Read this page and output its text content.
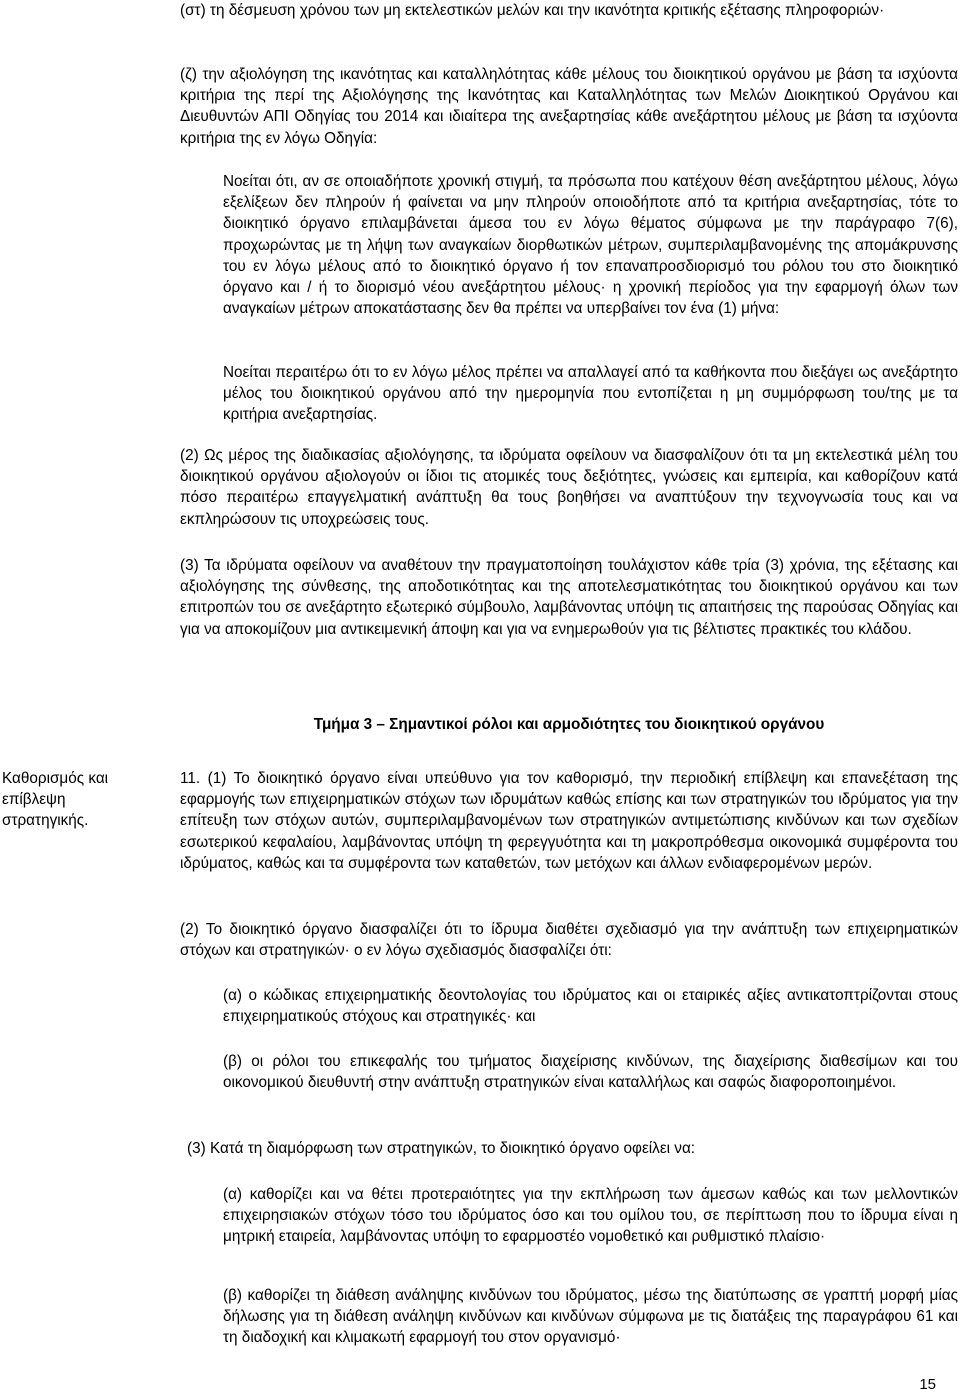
(στ) τη δέσμευση χρόνου των μη εκτελεστικών μελών και την ικανότητα κριτικής εξέτασης πληροφοριών·

(ζ) την αξιολόγηση της ικανότητας και καταλληλότητας κάθε μέλους του διοικητικού οργάνου με βάση τα ισχύοντα κριτήρια της περί της Αξιολόγησης της Ικανότητας και Καταλληλότητας των Μελών Διοικητικού Οργάνου και Διευθυντών ΑΠΙ Οδηγίας του 2014 και ιδιαίτερα της ανεξαρτησίας κάθε ανεξάρτητου μέλους με βάση τα ισχύοντα κριτήρια της εν λόγω Οδηγία:

Νοείται ότι, αν σε οποιαδήποτε χρονική στιγμή, τα πρόσωπα που κατέχουν θέση ανεξάρτητου μέλους, λόγω εξελίξεων δεν πληρούν ή φαίνεται να μην πληρούν οποιοδήποτε από τα κριτήρια ανεξαρτησίας, τότε το διοικητικό όργανο επιλαμβάνεται άμεσα του εν λόγω θέματος σύμφωνα με την παράγραφο 7(6), προχωρώντας με τη λήψη των αναγκαίων διορθωτικών μέτρων, συμπεριλαμβανομένης της απομάκρυνσης του εν λόγω μέλους από το διοικητικό όργανο ή τον επαναπροσδιορισμό του ρόλου του στο διοικητικό όργανο και / ή το διορισμό νέου ανεξάρτητου μέλους· η χρονική περίοδος για την εφαρμογή όλων των αναγκαίων μέτρων αποκατάστασης δεν θα πρέπει να υπερβαίνει τον ένα (1) μήνα:

Νοείται περαιτέρω ότι το εν λόγω μέλος πρέπει να απαλλαγεί από τα καθήκοντα που διεξάγει ως ανεξάρτητο μέλος του διοικητικού οργάνου από την ημερομηνία που εντοπίζεται η μη συμμόρφωση του/της με τα κριτήρια ανεξαρτησίας.

(2) Ως μέρος της διαδικασίας αξιολόγησης, τα ιδρύματα οφείλουν να διασφαλίζουν ότι τα μη εκτελεστικά μέλη του διοικητικού οργάνου αξιολογούν οι ίδιοι τις ατομικές τους δεξιότητες, γνώσεις και εμπειρία, και καθορίζουν κατά πόσο περαιτέρω επαγγελματική ανάπτυξη θα τους βοηθήσει να αναπτύξουν την τεχνογνωσία τους και να εκπληρώσουν τις υποχρεώσεις τους.

(3) Τα ιδρύματα οφείλουν να αναθέτουν την πραγματοποίηση τουλάχιστον κάθε τρία (3) χρόνια, της εξέτασης και αξιολόγησης της σύνθεσης, της αποδοτικότητας και της αποτελεσματικότητας του διοικητικού οργάνου και των επιτροπών του σε ανεξάρτητο εξωτερικό σύμβουλο, λαμβάνοντας υπόψη τις απαιτήσεις της παρούσας Οδηγίας και για να αποκομίζουν μια αντικειμενική άποψη και για να ενημερωθούν για τις βέλτιστες πρακτικές του κλάδου.

Τμήμα 3 – Σημαντικοί ρόλοι και αρμοδιότητες του διοικητικού οργάνου
Καθορισμός και επίβλεψη στρατηγικής.

11. (1) Το διοικητικό όργανο είναι υπεύθυνο για τον καθορισμό, την περιοδική επίβλεψη και επανεξέταση της εφαρμογής των επιχειρηματικών στόχων των ιδρυμάτων καθώς επίσης και των στρατηγικών του ιδρύματος για την επίτευξη των στόχων αυτών, συμπεριλαμβανομένων των στρατηγικών αντιμετώπισης κινδύνων και των σχεδίων εσωτερικού κεφαλαίου, λαμβάνοντας υπόψη τη φερεγγυότητα και τη μακροπρόθεσμα οικονομικά συμφέροντα του ιδρύματος, καθώς και τα συμφέροντα των καταθετών, των μετόχων και άλλων ενδιαφερομένων μερών.

(2) Το διοικητικό όργανο διασφαλίζει ότι το ίδρυμα διαθέτει σχεδιασμό για την ανάπτυξη των επιχειρηματικών στόχων και στρατηγικών· ο εν λόγω σχεδιασμός διασφαλίζει ότι:

(α) ο κώδικας επιχειρηματικής δεοντολογίας του ιδρύματος και οι εταιρικές αξίες αντικατοπτρίζονται στους επιχειρηματικούς στόχους και στρατηγικές· και

(β) οι ρόλοι του επικεφαλής του τμήματος διαχείρισης κινδύνων, της διαχείρισης διαθεσίμων και του οικονομικού διευθυντή στην ανάπτυξη στρατηγικών είναι καταλλήλως και σαφώς διαφοροποιημένοι.

(3) Κατά τη διαμόρφωση των στρατηγικών, το διοικητικό όργανο οφείλει να:

(α) καθορίζει και να θέτει προτεραιότητες για την εκπλήρωση των άμεσων καθώς και των μελλοντικών επιχειρησιακών στόχων τόσο του ιδρύματος όσο και του ομίλου του, σε περίπτωση που το ίδρυμα είναι η μητρική εταιρεία, λαμβάνοντας υπόψη το εφαρμοστέο νομοθετικό και ρυθμιστικό πλαίσιο·

(β) καθορίζει τη διάθεση ανάληψης κινδύνων του ιδρύματος, μέσω της διατύπωσης σε γραπτή μορφή μίας δήλωσης για τη διάθεση ανάληψη κινδύνων και κινδύνων σύμφωνα με τις διατάξεις της παραγράφου 61 και τη διαδοχική και κλιμακωτή εφαρμογή του στον οργανισμό·

15
